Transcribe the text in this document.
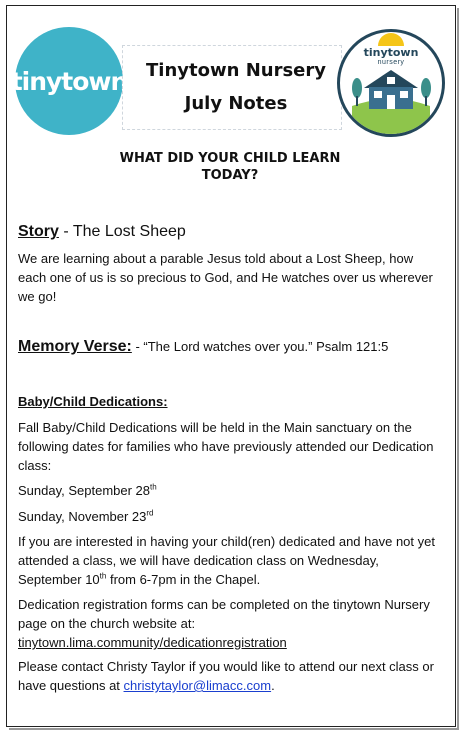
tinytown	Tinytown Nursery
July Notes
tinytown
nursery
WHAT DID YOUR CHILD LEARN
TODAY?
Story - The Lost Sheep
We are learning about a parable Jesus told about a Lost Sheep, how each one of us is so precious to God, and He watches over us wherever we go!
Memory Verse: - “The Lord watches over you.” Psalm 121:5
Baby/Child Dedications:
Fall Baby/Child Dedications will be held in the Main sanctuary on the following dates for families who have previously attended our Dedication class:
Sunday, September 28th
Sunday, November 23rd
If you are interested in having your child(ren) dedicated and have not yet attended a class, we will have dedication class on Wednesday, September 10th from 6-7pm in the Chapel.
Dedication registration forms can be completed on the tinytown Nursery page on the church website at:
tinytown.lima.community/dedicationregistration
Please contact Christy Taylor if you would like to attend our next class or have questions at christytaylor@limacc.com.
